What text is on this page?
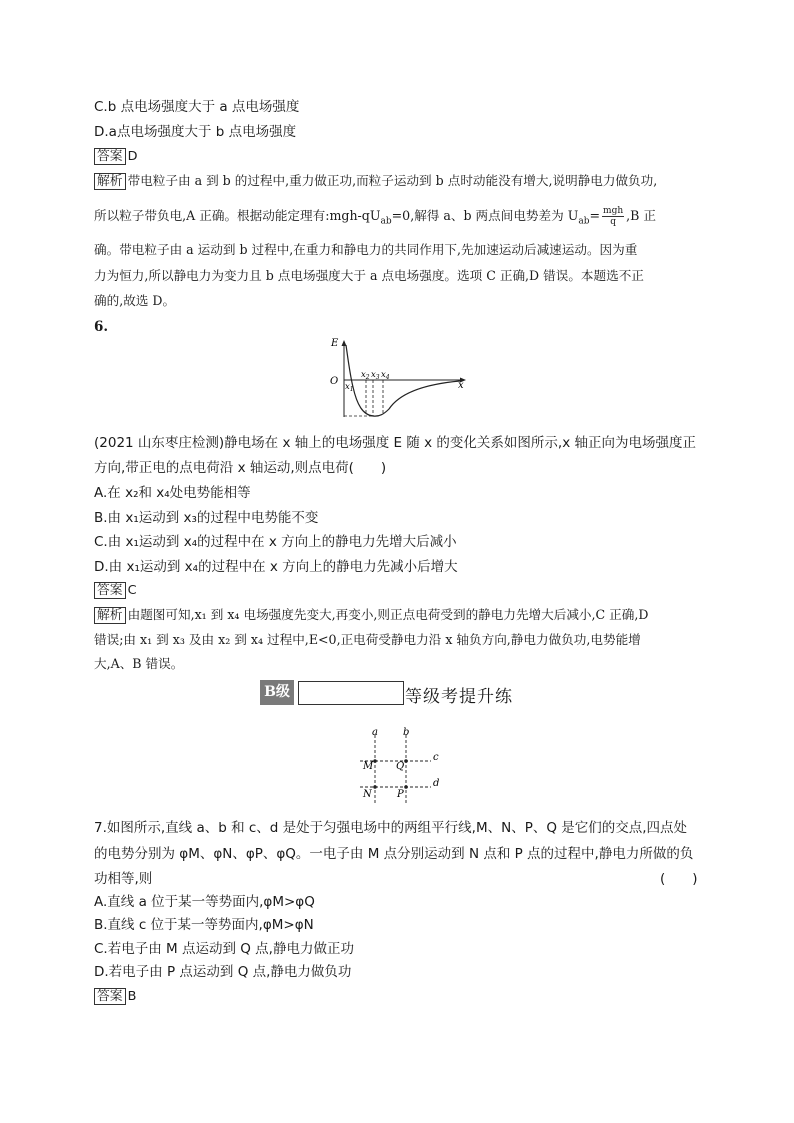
C.b 点电场强度大于 a 点电场强度
D.a点电场强度大于 b 点电场强度
答案 D
解析 带电粒子由 a 到 b 的过程中,重力做正功,而粒子运动到 b 点时动能没有增大,说明静电力做负功,
所以粒子带负电,A 正确。根据动能定理有$:mgh-qU_{ab}=0$,解得 a、b 两点间电势差为 $U_{ab}= \frac{\text{mgh}}{q} ,B$ 正
确。带电粒子由 a 运动到 b 过程中,在重力和静电力的共同作用下,先加速运动后减速运动。因为重
力为恒力,所以静电力为变力且 b 点电场强度大于 a 点电场强度。选项 C 正确,D 错误。本题选不正
确的,故选 D。
6.
E
O	x
$x_1$
$x_2$ $x_3$ $x_4$
(2021 山东枣庄检测)静电场在 x 轴上的电场强度 E 随 x 的变化关系如图所示,x 轴正向为电场强度正
方向,带正电的点电荷沿 x 轴运动,则点电荷(　　)
A.在 x₂和 x₄处电势能相等
B.由 x₁运动到 x₃的过程中电势能不变
C.由 x₁运动到 x₄的过程中在 x 方向上的静电力先增大后减小
D.由 x₁运动到 x₄的过程中在 x 方向上的静电力先减小后增大
答案 C
解析 由题图可知,x₁ 到 x₄ 电场强度先变大,再变小,则正点电荷受到的静电力先增大后减小,C 正确,D
错误;由 x₁ 到 x₃ 及由 x₂ 到 x₄ 过程中,E<0,正电荷受静电力沿 x 轴负方向,静电力做负功,电势能增
大,A、B 错误。
B级	等级考提升练
a	b
c
d
M Q
N	P
7.如图所示,直线 a、b 和 c、d 是处于匀强电场中的两组平行线,M、N、P、Q 是它们的交点,四点处
的电势分别为 φM、φN、φP、φQ。一电子由 M 点分别运动到 N 点和 P 点的过程中,静电力所做的负
功相等,则	(　　)
A.直线 a 位于某一等势面内,φM>φQ
B.直线 c 位于某一等势面内,φM>φN
C.若电子由 M 点运动到 Q 点,静电力做正功
D.若电子由 P 点运动到 Q 点,静电力做负功
答案 B
